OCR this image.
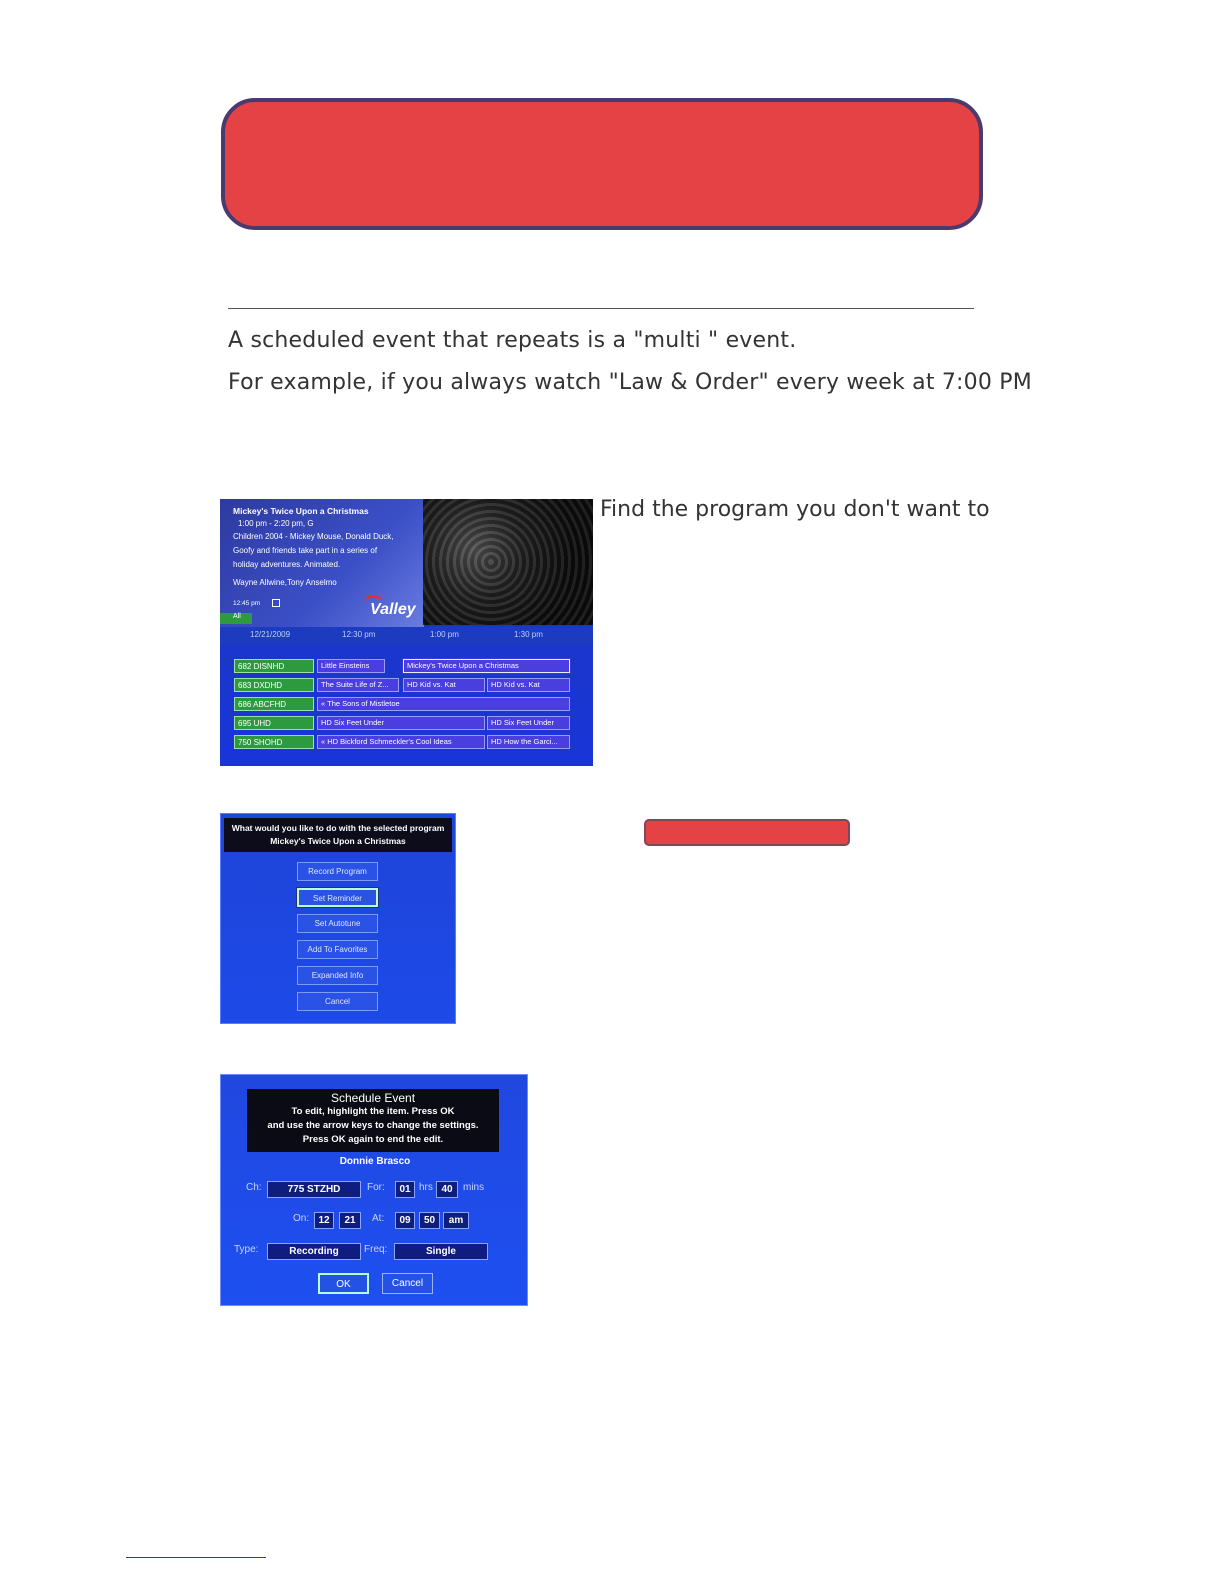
A scheduled event that repeats is a "multi " event.
For example, if you always watch "Law & Order" every week at 7:00 PM
Mickey's Twice Upon a Christmas
1:00 pm - 2:20 pm, G
Children 2004 - Mickey Mouse, Donald Duck,
Goofy and friends take part in a series of
holiday adventures. Animated.
Wayne Allwine,Tony Anselmo
12:45 pm	Valley
All
12/21/2009	12:30 pm	1:00 pm	1:30 pm
682 DISNHD	Little Einsteins	Mickey's Twice Upon a Christmas
683 DXDHD	The Suite Life of Z...	HD Kid vs. Kat	HD Kid vs. Kat
686 ABCFHD	« The Sons of Mistletoe
695 UHD	HD Six Feet Under	HD Six Feet Under
750 SHOHD	« HD Bickford Schmeckler's Cool Ideas	HD How the Garci...
Find the program you don't want to
What would you like to do with the selected program
Mickey's Twice Upon a Christmas
Record Program
Set Reminder
Set Autotune
Add To Favorites
Expanded Info
Cancel
Schedule Event
To edit, highlight the item. Press OK
and use the arrow keys to change the settings.
Press OK again to end the edit.
Donnie Brasco
Ch:	775 STZHD	For:	01 hrs 40	mins
On: 12	21	At:	09	50	am
Type:	Recording	Freq:	Single
OK	Cancel
